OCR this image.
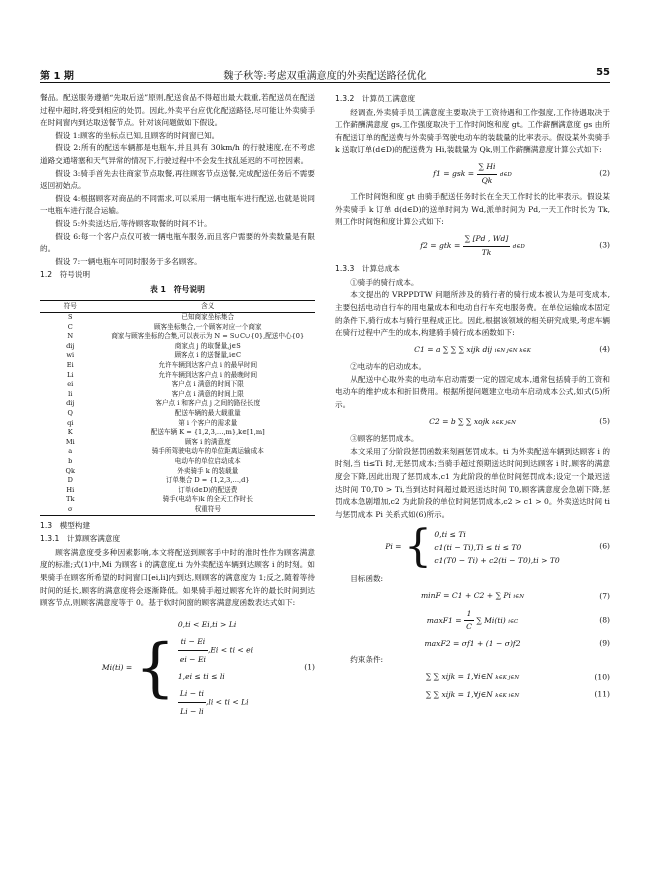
第 1 期	魏子秋等:考虑双重满意度的外卖配送路径优化	55

餐品。配送服务遵循“先取后送”原则,配送食品不得超出最大载重,若配送员在配送过程中超时,将受到相应的处罚。因此,外卖平台应优化配送路径,尽可能让外卖骑手在时间窗内到达取送餐节点。针对该问题做如下假设。

假设 1:顾客的坐标点已知,且顾客的时间窗已知。

假设 2:所有的配送车辆都是电瓶车,并且具有 30km/h 的行驶速度,在不考虑道路交通堵塞和天气异常的情况下,行驶过程中不会发生找乱延迟的不可控因素。

假设 3:骑手首先去往商家节点取餐,再往顾客节点送餐,完成配送任务后不需要返回初始点。

假设 4:根据顾客对商品的不同需求,可以采用一辆电瓶车进行配送,也就是说同一电瓶车进行混合运输。

假设 5:外卖送达后,等待顾客取餐的时间不计。

假设 6:每一个客户点仅可被一辆电瓶车服务,而且客户需要的外卖数量是有限的。

假设 7:一辆电瓶车可同时服务于多名顾客。

1.2　符号说明
表 1　符号说明
符号	含义
S	已知商家坐标集合
C	顾客坐标集合,一个顾客对应一个商家
N	商家与顾客坐标的合集,可以表示为 N = S∪C∪{0},配送中心{0}
dij	商家点 j 的取餐量,j∈S
wi	顾客点 i 的送餐量,i∈C
Ei	允许车辆到达客户点 i 的最早时间
Li	允许车辆到达客户点 i 的最晚时间
ei	客户点 i 满意的时间下限
li	客户点 i 满意的时间上限
dij	客户点 i 和客户点 j 之间的路径长度
Q	配送车辆的最大载重量
qi	第 i 个客户的需求量
K	配送车辆 K = {1,2,3,…,m},k∈[1,m]
Mi	顾客 i 的满意度
a	骑手所驾驶电动车的单位距离运输成本
b	电动车的单位启动成本
Qk	外卖骑手 k 的装载量
D	订单集合 D = {1,2,3,…,d}
Hi	订单(d∈D)的配送费
Tk	骑手(电动车)k 的全天工作时长
σ	权重符号
1.3　模型构建
1.3.1　计算顾客满意度

顾客满意度受多种因素影响,本文将配送到顾客手中时的准时性作为顾客满意度的标准;式(1)中,Mi 为顾客 i 的满意度,ti 为外卖配送车辆到达顾客 i 的时刻。如果骑手在顾客所希望的时间窗口[ei,li]内到达,则顾客的满意度为 1;反之,随着等待时间的延长,顾客的满意度将会逐渐降低。如果骑手超过顾客允许的最长时间到达顾客节点,则顾客满意度等于 0。基于软时间窗的顾客满意度函数表达式如下:

Mi(ti) = {
0,ti < Ei,ti > Li
$\frac{ti - Ei}{ei - Ei} ,Ei$ < ti < ei
1,ei ≤ ti ≤ li
$\frac{Li - ti}{Li - li} ,li$ < ti < Li
(1)
1.3.2　计算员工满意度

经调查,外卖骑手员工满意度主要取决于工资待遇和工作强度,工作待遇取决于工作薪酬满意度 gs,工作强度取决于工作时间饱和度 gt。工作薪酬满意度 gs 由所有配送订单的配送费与外卖骑手驾驶电动车的装载量的比率表示。假设某外卖骑手 k 送取订单(d∈D)的配送费为 Hi,装载量为 Qk,则工作薪酬满意度计算公式如下:

f1 = gsk = $\frac{\sum Hi}{Qk}$ d∈D	(2)

工作时间饱和度 gt 由骑手配送任务时长在全天工作时长的比率表示。假设某外卖骑手 k 订单 d(d∈D)的送单时间为 Wd,派单时间为 Pd,一天工作时长为 Tk,则工作时间饱和度计算公式如下:

f2 = gtk = $\frac{\sum [Pd , Wd]}{Tk}$ d∈D	(3)
1.3.3　计算总成本

①骑手的骑行成本。

本文提出的 VRPPDTW 问题所涉及的骑行者的骑行成本被认为是可变成本,主要包括电动自行车的用电量成本和电动自行车充电服务费。在单位运输成本固定的条件下,骑行成本与骑行里程成正比。因此,根据该领域的相关研究成果,考虑车辆在骑行过程中产生的成本,构建骑手骑行成本函数如下:

C1 = a ∑ ∑ ∑ xijk dij i∈N j∈N k∈K	(4)

②电动车的启动成本。

从配送中心取外卖的电动车启动需要一定的固定成本,通常包括骑手的工资和电动车的维护成本和折旧费用。根据所提问题建立电动车启动成本公式,如式(5)所示。

C2 = b ∑ ∑ xojk k∈K j∈N	(5)

③顾客的惩罚成本。

本文采用了分阶段惩罚函数来刻画惩罚成本。ti 为外卖配送车辆到达顾客 i 的时刻,当 ti≤Ti 时,无惩罚成本;当骑手超过预期送达时间到达顾客 i 时,顾客的满意度会下降,因此出现了惩罚成本,c1 为此阶段的单位时间惩罚成本;设定一个最迟送达时间 T0,T0 > Ti,当到达时间超过最迟送达时间 T0,顾客满意度会急剧下降,惩罚成本急剧增加,c2 为此阶段的单位时间惩罚成本,c2 > c1 > 0。外卖送达时间 ti 与惩罚成本 Pi 关系式如(6)所示。

Pi = { 0,ti ≤ Ti
c1(ti − Ti),Ti ≤ ti ≤ T0
c1(T0 − Ti) + c2(ti − T0),ti > T0
(6)

目标函数:

minF = C1 + C2 + ∑ Pi i∈N	(7)
$\max F1 = \frac{1}{C}$ ∑ Mi(ti) i∈C	(8)
maxF2 = σf1 + (1 − σ)f2	(9)

约束条件:

∑ ∑ xijk = 1,∀i∈N k∈K j∈N	(10)
∑ ∑ xijk = 1,∀j∈N k∈K i∈N	(11)
